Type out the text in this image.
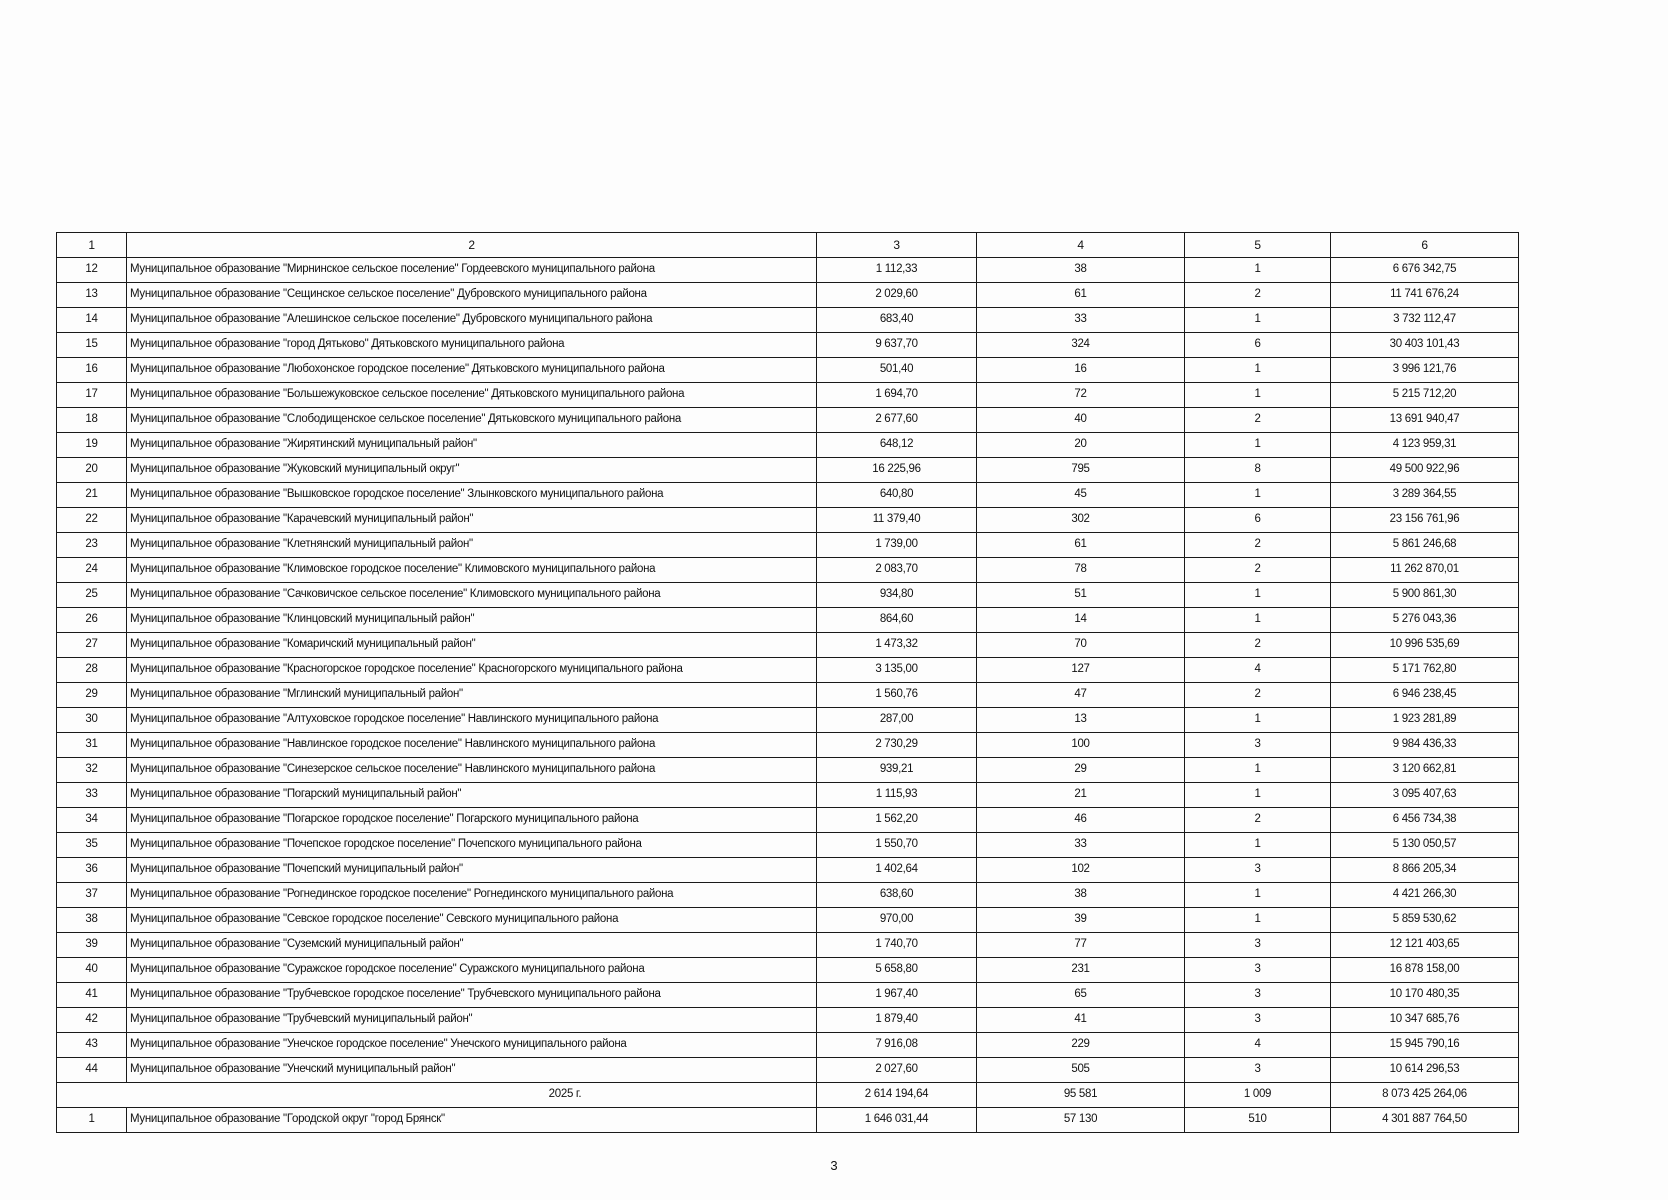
1	2	3	4	5	6
12	Муниципальное образование "Мирнинское сельское поселение" Гордеевского муниципального района	1 112,33	38	1	6 676 342,75
13	Муниципальное образование "Сещинское сельское поселение" Дубровского муниципального района	2 029,60	61	2	11 741 676,24
14	Муниципальное образование "Алешинское сельское поселение" Дубровского муниципального района	683,40	33	1	3 732 112,47
15	Муниципальное образование "город Дятьково" Дятьковского муниципального района	9 637,70	324	6	30 403 101,43
16	Муниципальное образование "Любохонское городское поселение" Дятьковского муниципального района	501,40	16	1	3 996 121,76
17	Муниципальное образование "Большежуковское сельское поселение" Дятьковского муниципального района	1 694,70	72	1	5 215 712,20
18	Муниципальное образование "Слободищенское сельское поселение" Дятьковского муниципального района	2 677,60	40	2	13 691 940,47
19	Муниципальное образование "Жирятинский муниципальный район"	648,12	20	1	4 123 959,31
20	Муниципальное образование "Жуковский муниципальный округ"	16 225,96	795	8	49 500 922,96
21	Муниципальное образование "Вышковское городское поселение" Злынковского муниципального района	640,80	45	1	3 289 364,55
22	Муниципальное образование "Карачевский муниципальный район"	11 379,40	302	6	23 156 761,96
23	Муниципальное образование "Клетнянский муниципальный район"	1 739,00	61	2	5 861 246,68
24	Муниципальное образование "Климовское городское поселение" Климовского муниципального района	2 083,70	78	2	11 262 870,01
25	Муниципальное образование "Сачковичское сельское поселение" Климовского муниципального района	934,80	51	1	5 900 861,30
26	Муниципальное образование "Клинцовский муниципальный район"	864,60	14	1	5 276 043,36
27	Муниципальное образование "Комаричский муниципальный район"	1 473,32	70	2	10 996 535,69
28	Муниципальное образование "Красногорское городское поселение" Красногорского муниципального района	3 135,00	127	4	5 171 762,80
29	Муниципальное образование "Мглинский муниципальный район"	1 560,76	47	2	6 946 238,45
30	Муниципальное образование "Алтуховское городское поселение" Навлинского муниципального района	287,00	13	1	1 923 281,89
31	Муниципальное образование "Навлинское городское поселение" Навлинского муниципального района	2 730,29	100	3	9 984 436,33
32	Муниципальное образование "Синезерское сельское поселение" Навлинского муниципального района	939,21	29	1	3 120 662,81
33	Муниципальное образование "Погарский муниципальный район"	1 115,93	21	1	3 095 407,63
34	Муниципальное образование "Погарское городское поселение" Погарского муниципального района	1 562,20	46	2	6 456 734,38
35	Муниципальное образование "Почепское городское поселение" Почепского муниципального района	1 550,70	33	1	5 130 050,57
36	Муниципальное образование "Почепский муниципальный район"	1 402,64	102	3	8 866 205,34
37	Муниципальное образование "Рогнединское городское поселение" Рогнединского муниципального района	638,60	38	1	4 421 266,30
38	Муниципальное образование "Севское городское поселение" Севского муниципального района	970,00	39	1	5 859 530,62
39	Муниципальное образование "Суземский муниципальный район"	1 740,70	77	3	12 121 403,65
40	Муниципальное образование "Суражское городское поселение" Суражского муниципального района	5 658,80	231	3	16 878 158,00
41	Муниципальное образование "Трубчевское городское поселение" Трубчевского муниципального района	1 967,40	65	3	10 170 480,35
42	Муниципальное образование "Трубчевский муниципальный район"	1 879,40	41	3	10 347 685,76
43	Муниципальное образование "Унечское городское поселение" Унечского муниципального района	7 916,08	229	4	15 945 790,16
44	Муниципальное образование "Унечский муниципальный район"	2 027,60	505	3	10 614 296,53
2025 г.		2 614 194,64	95 581	1 009	8 073 425 264,06
1	Муниципальное образование "Городской округ "город Брянск"	1 646 031,44	57 130	510	4 301 887 764,50
3
